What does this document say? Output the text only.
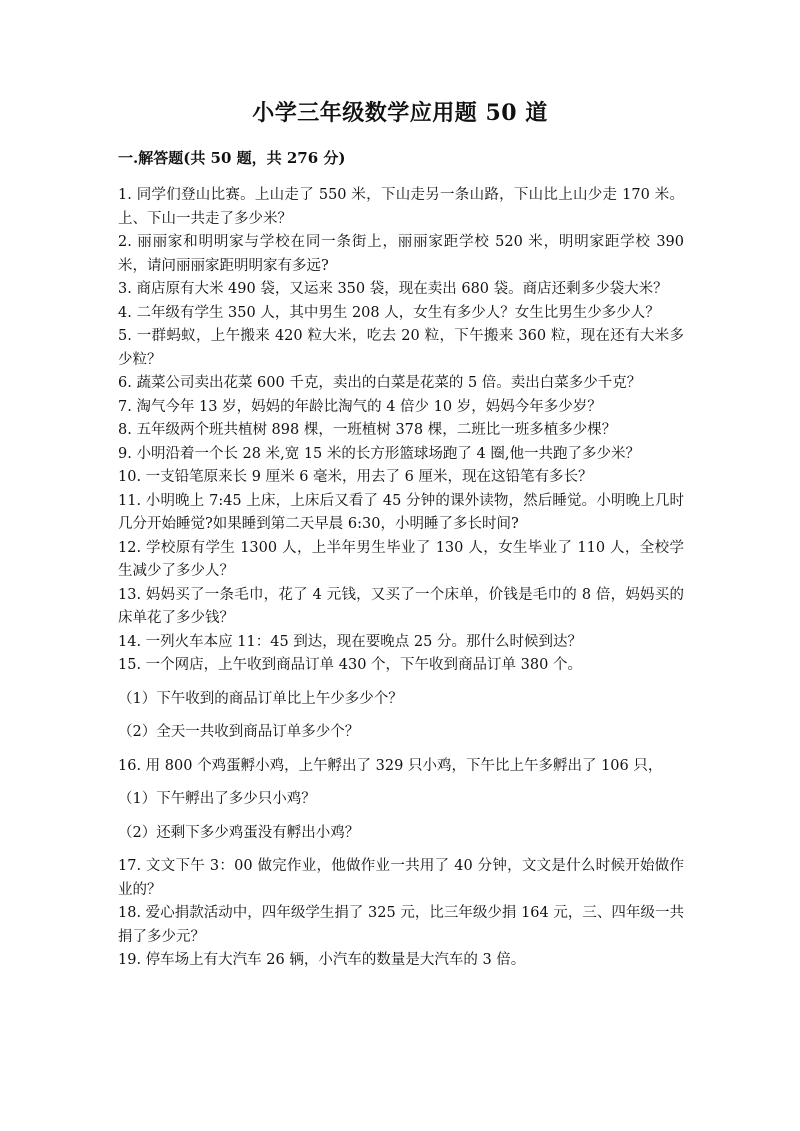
小学三年级数学应用题 50 道
一.解答题(共 50 题，共 276 分)

1. 同学们登山比赛。上山走了 550 米，下山走另一条山路，下山比上山少走 170 米。上、下山一共走了多少米？

2. 丽丽家和明明家与学校在同一条街上，丽丽家距学校 520 米，明明家距学校 390 米，请问丽丽家距明明家有多远?

3. 商店原有大米 490 袋，又运来 350 袋，现在卖出 680 袋。商店还剩多少袋大米？

4. 二年级有学生 350 人，其中男生 208 人，女生有多少人？女生比男生少多少人？

5. 一群蚂蚁，上午搬来 420 粒大米，吃去 20 粒，下午搬来 360 粒，现在还有大米多少粒？

6. 蔬菜公司卖出花菜 600 千克，卖出的白菜是花菜的 5 倍。卖出白菜多少千克？

7. 淘气今年 13 岁，妈妈的年龄比淘气的 4 倍少 10 岁，妈妈今年多少岁？

8. 五年级两个班共植树 898 棵，一班植树 378 棵，二班比一班多植多少棵？

9. 小明沿着一个长 28 米,宽 15 米的长方形篮球场跑了 4 圈,他一共跑了多少米？

10. 一支铅笔原来长 9 厘米 6 毫米，用去了 6 厘米，现在这铅笔有多长？

11. 小明晚上 7:45 上床，上床后又看了 45 分钟的课外读物，然后睡觉。小明晚上几时几分开始睡觉?如果睡到第二天早晨 6:30，小明睡了多长时间?

12. 学校原有学生 1300 人，上半年男生毕业了 130 人，女生毕业了 110 人，全校学生减少了多少人？

13. 妈妈买了一条毛巾，花了 4 元钱，又买了一个床单，价钱是毛巾的 8 倍，妈妈买的床单花了多少钱？

14. 一列火车本应 11：45 到达，现在要晚点 25 分。那什么时候到达？

15. 一个网店，上午收到商品订单 430 个，下午收到商品订单 380 个。

（1）下午收到的商品订单比上午少多少个？

（2）全天一共收到商品订单多少个？

16. 用 800 个鸡蛋孵小鸡，上午孵出了 329 只小鸡，下午比上午多孵出了 106 只，

（1）下午孵出了多少只小鸡？

（2）还剩下多少鸡蛋没有孵出小鸡？

17. 文文下午 3：00 做完作业，他做作业一共用了 40 分钟，文文是什么时候开始做作业的？

18. 爱心捐款活动中，四年级学生捐了 325 元，比三年级少捐 164 元，三、四年级一共捐了多少元？

19. 停车场上有大汽车 26 辆，小汽车的数量是大汽车的 3 倍。
